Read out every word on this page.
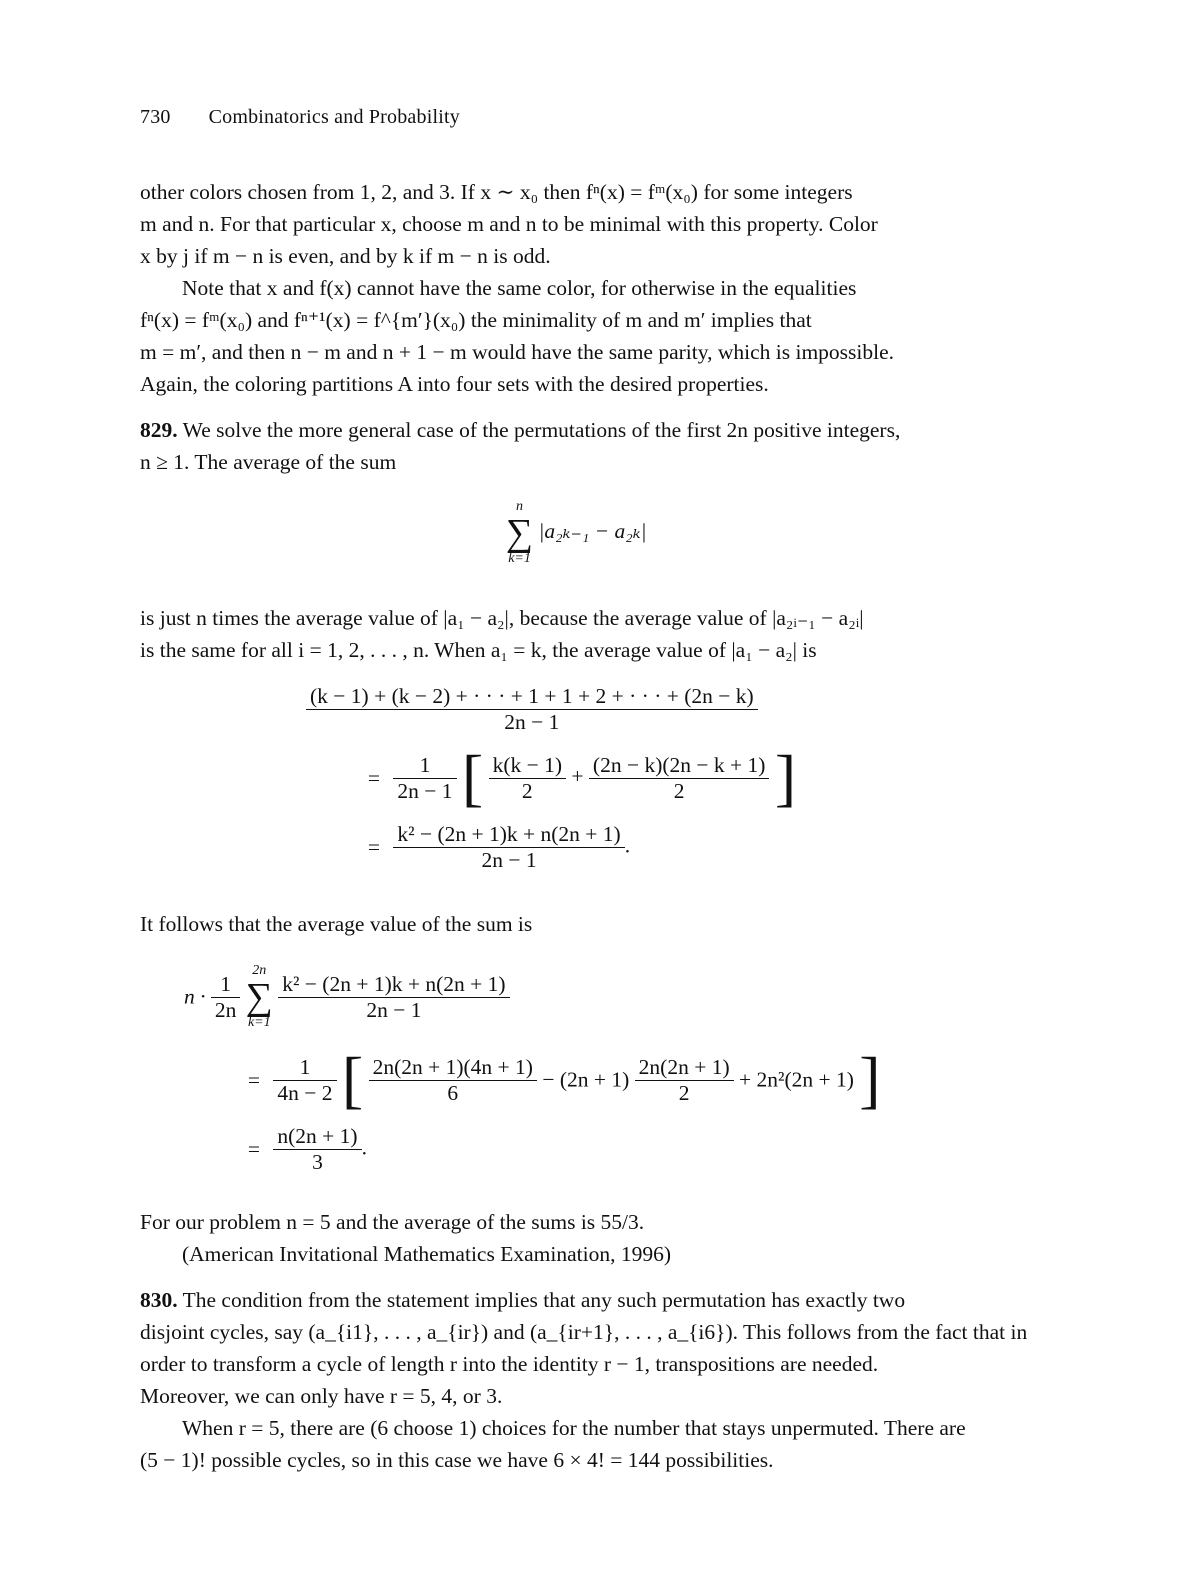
730 Combinatorics and Probability
other colors chosen from 1, 2, and 3. If x ∼ x₀ then fⁿ(x) = fᵐ(x₀) for some integers
m and n. For that particular x, choose m and n to be minimal with this property. Color
x by j if m − n is even, and by k if m − n is odd.
Note that x and f(x) cannot have the same color, for otherwise in the equalities
fⁿ(x) = fᵐ(x₀) and fⁿ⁺¹(x) = f^{m′}(x₀) the minimality of m and m′ implies that
m = m′, and then n − m and n + 1 − m would have the same parity, which is impossible.
Again, the coloring partitions A into four sets with the desired properties.
829. We solve the more general case of the permutations of the first 2n positive integers,
n ≥ 1. The average of the sum
n
∑
k=1
|a₂ₖ₋₁ − a₂ₖ|
is just n times the average value of |a₁ − a₂|, because the average value of |a₂ᵢ₋₁ − a₂ᵢ|
is the same for all i = 1, 2, . . . , n. When a₁ = k, the average value of |a₁ − a₂| is
$\frac{(k - 1) + (k - 2) + \cdot \cdot \cdot + 1 + 1 + 2 + \cdot \cdot \cdot + (2n - k)}{2n - 1}$
= $\frac{1}{2n - 1}$ [ $\frac{k(k - 1)}{2} + \frac{(2n - k)(2n - k + 1)}{2}$ ]
= $\frac{\text{k² − (2n + 1)k + n(2n + 1)}}{2n - 1}$ .
It follows that the average value of the sum is
$n \cdot \frac{1}{2n}$

2n
∑
k=1
$\frac{\text{k² − (2n + 1)k + n(2n + 1)}}{2n - 1}$
= $\frac{1}{4n - 2}$ [ $\frac{2n(2n + 1)(4n + 1)}{6} - (2n + 1) \frac{2n(2n + 1)}{2} + 2n^2(2n + 1)$ ]
= $\frac{n(2n + 1)}{3}$ .
For our problem n = 5 and the average of the sums is 55/3.
(American Invitational Mathematics Examination, 1996)
830. The condition from the statement implies that any such permutation has exactly two
disjoint cycles, say (a_{i1}, . . . , a_{ir}) and (a_{ir+1}, . . . , a_{i6}). This follows from the fact that in
order to transform a cycle of length r into the identity r − 1, transpositions are needed.
Moreover, we can only have r = 5, 4, or 3.
When r = 5, there are (6 choose 1) choices for the number that stays unpermuted. There are
(5 − 1)! possible cycles, so in this case we have 6 × 4! = 144 possibilities.
